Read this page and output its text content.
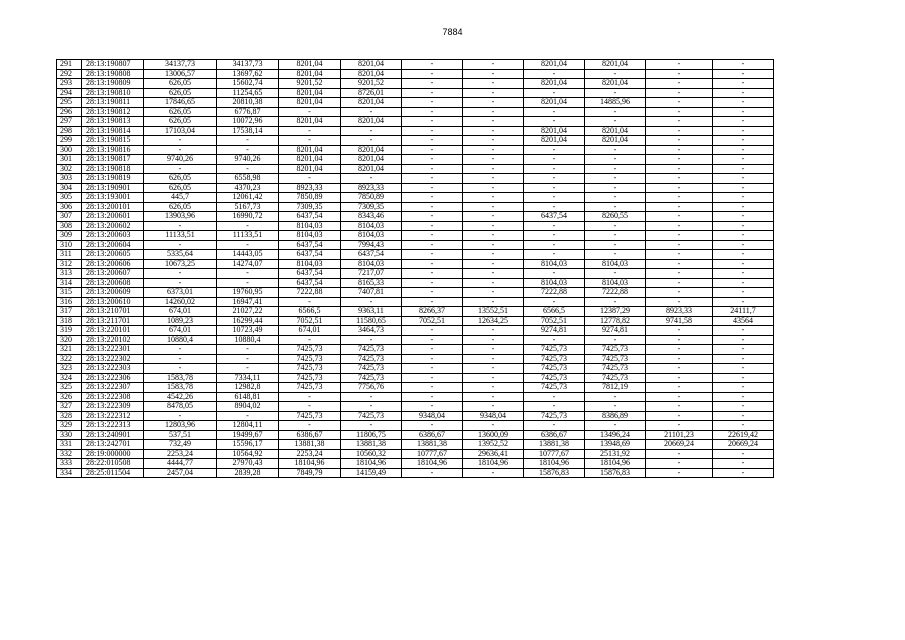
7884
291	28:13:190807	34137,73	34137,73	8201,04	8201,04	-	-	8201,04	8201,04	-	-
292	28:13:190808	13006,57	13697,62	8201,04	8201,04	-	-	-	-	-	-
293	28:13:190809	626,05	15602,74	9201,52	9201,52	-	-	8201,04	8201,04	-	-
294	28:13:190810	626,05	11254,65	8201,04	8726,01	-	-	-	-	-	-
295	28:13:190811	17846,65	20810,38	8201,04	8201,04	-	-	8201,04	14885,96	-	-
296	28:13:190812	626,05	6776,87	-	-	-	-	-	-	-	-
297	28:13:190813	626,05	10072,96	8201,04	8201,04	-	-	-	-	-	-
298	28:13:190814	17103,04	17538,14	-	-	-	-	8201,04	8201,04	-	-
299	28:13:190815	-	-	-	-	-	-	8201,04	8201,04	-	-
300	28:13:190816	-	-	8201,04	8201,04	-	-	-	-	-	-
301	28:13:190817	9740,26	9740,26	8201,04	8201,04	-	-	-	-	-	-
302	28:13:190818	-	-	8201,04	8201,04	-	-	-	-	-	-
303	28:13:190819	626,05	6558,98	-	-	-	-	-	-	-	-
304	28:13:190901	626,05	4370,23	8923,33	8923,33	-	-	-	-	-	-
305	28:13:193001	445,7	12061,42	7850,89	7850,89	-	-	-	-	-	-
306	28:13:200101	626,05	5167,73	7309,35	7309,35	-	-	-	-	-	-
307	28:13:200601	13903,96	16990,72	6437,54	8343,46	-	-	6437,54	8260,55	-	-
308	28:13:200602	-	-	8104,03	8104,03	-	-	-	-	-	-
309	28:13:200603	11133,51	11133,51	8104,03	8104,03	-	-	-	-	-	-
310	28:13:200604	-	-	6437,54	7994,43	-	-	-	-	-	-
311	28:13:200605	5335,64	14443,05	6437,54	6437,54	-	-	-	-	-	-
312	28:13:200606	10673,25	14274,07	8104,03	8104,03	-	-	8104,03	8104,03	-	-
313	28:13:200607	-	-	6437,54	7217,07	-	-	-	-	-	-
314	28:13:200608	-	-	6437,54	8165,33	-	-	8104,03	8104,03	-	-
315	28:13:200609	6373,01	19760,95	7222,88	7407,81	-	-	7222,88	7222,88	-	-
316	28:13:200610	14260,02	16947,41	-	-	-	-	-	-	-	-
317	28:13:210701	674,01	21027,22	6566,5	9363,11	8266,37	13552,51	6566,5	12387,29	8923,33	24111,7
318	28:13:211701	1089,23	16299,44	7052,51	11580,65	7052,51	12634,25	7052,51	12778,82	9741,58	43564
319	28:13:220101	674,01	10723,49	674,01	3464,73	-	-	9274,81	9274,81	-	-
320	28:13:220102	10880,4	10880,4	-	-	-	-	-	-	-	-
321	28:13:222301	-	-	7425,73	7425,73	-	-	7425,73	7425,73	-	-
322	28:13:222302	-	-	7425,73	7425,73	-	-	7425,73	7425,73	-	-
323	28:13:222303	-	-	7425,73	7425,73	-	-	7425,73	7425,73	-	-
324	28:13:222306	1583,78	7334,11	7425,73	7425,73	-	-	7425,73	7425,73	-	-
325	28:13:222307	1583,78	12982,8	7425,73	7756,76	-	-	7425,73	7812,19	-	-
326	28:13:222308	4542,26	6148,81	-	-	-	-	-	-	-	-
327	28:13:222309	8478,05	8904,02	-	-	-	-	-	-	-	-
328	28:13:222312	-	-	7425,73	7425,73	9348,04	9348,04	7425,73	8386,89	-	-
329	28:13:222313	12803,96	12804,11	-	-	-	-	-	-	-	-
330	28:13:240901	537,51	19499,67	6386,67	11806,75	6386,67	13600,09	6386,67	13496,24	21101,23	22619,42
331	28:13:242701	732,49	15596,17	13881,38	13881,38	13881,38	13952,52	13881,38	13948,69	20669,24	20669,24
332	28:19:000000	2253,24	10564,92	2253,24	10560,32	10777,67	29636,41	10777,67	25131,92	-	-
333	28:22:010508	4444,77	27970,43	18104,96	18104,96	18104,96	18104,96	18104,96	18104,96	-	-
334	28:25:011504	2457,04	2839,28	7849,79	14159,49	-	-	15876,83	15876,83	-	-
